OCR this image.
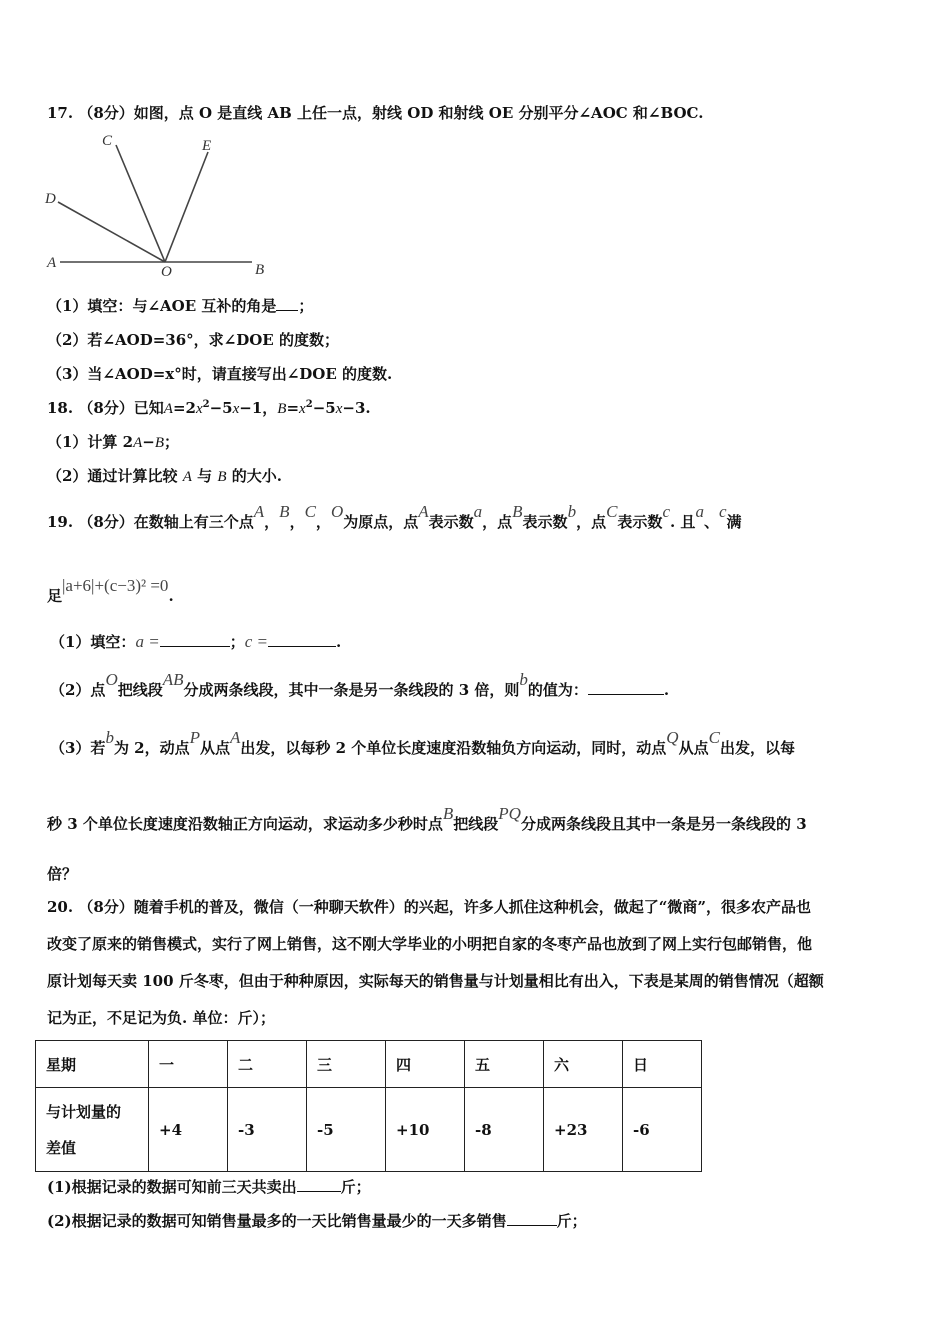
17. （8分）如图，点 O 是直线 AB 上任一点，射线 OD 和射线 OE 分别平分∠AOC 和∠BOC.
C	E
D
A
O	B
（1）填空：与∠AOE 互补的角是 ；
（2）若∠AOD=36°，求∠DOE 的度数；
（3）当∠AOD=x°时，请直接写出∠DOE 的度数.
18. （8分）已知$A=2x^2-5x-1$，$B=x^2-5x-3$.
（1）计算 2A−B；
（2）通过计算比较 A 与 B 的大小.
19. （8分）在数轴上有三个点A，B，C，O为原点，点A表示数a，点B表示数b，点C表示数c. 且a、c满
足|a+6|+(c−3)² =0.
（1）填空：a =	；c =	.
（2）点O把线段AB分成两条线段，其中一条是另一条线段的 3 倍，则b的值为：	.
（3）若b为 2，动点P从点A出发，以每秒 2 个单位长度速度沿数轴负方向运动，同时，动点Q从点C出发，以每
秒 3 个单位长度速度沿数轴正方向运动，求运动多少秒时点B把线段PQ分成两条线段且其中一条是另一条线段的 3
倍？
20. （8分）随着手机的普及，微信（一种聊天软件）的兴起，许多人抓住这种机会，做起了“微商”，很多农产品也
改变了原来的销售模式，实行了网上销售，这不刚大学毕业的小明把自家的冬枣产品也放到了网上实行包邮销售，他
原计划每天卖 100 斤冬枣，但由于种种原因，实际每天的销售量与计划量相比有出入，下表是某周的销售情况（超额
记为正，不足记为负. 单位：斤）；
星期	一	二	三	四	五	六	日

与计划量的
差值	+4	-3	-5	+10	-8	+23	-6
(1)根据记录的数据可知前三天共卖出	斤；
(2)根据记录的数据可知销售量最多的一天比销售量最少的一天多销售	斤；
